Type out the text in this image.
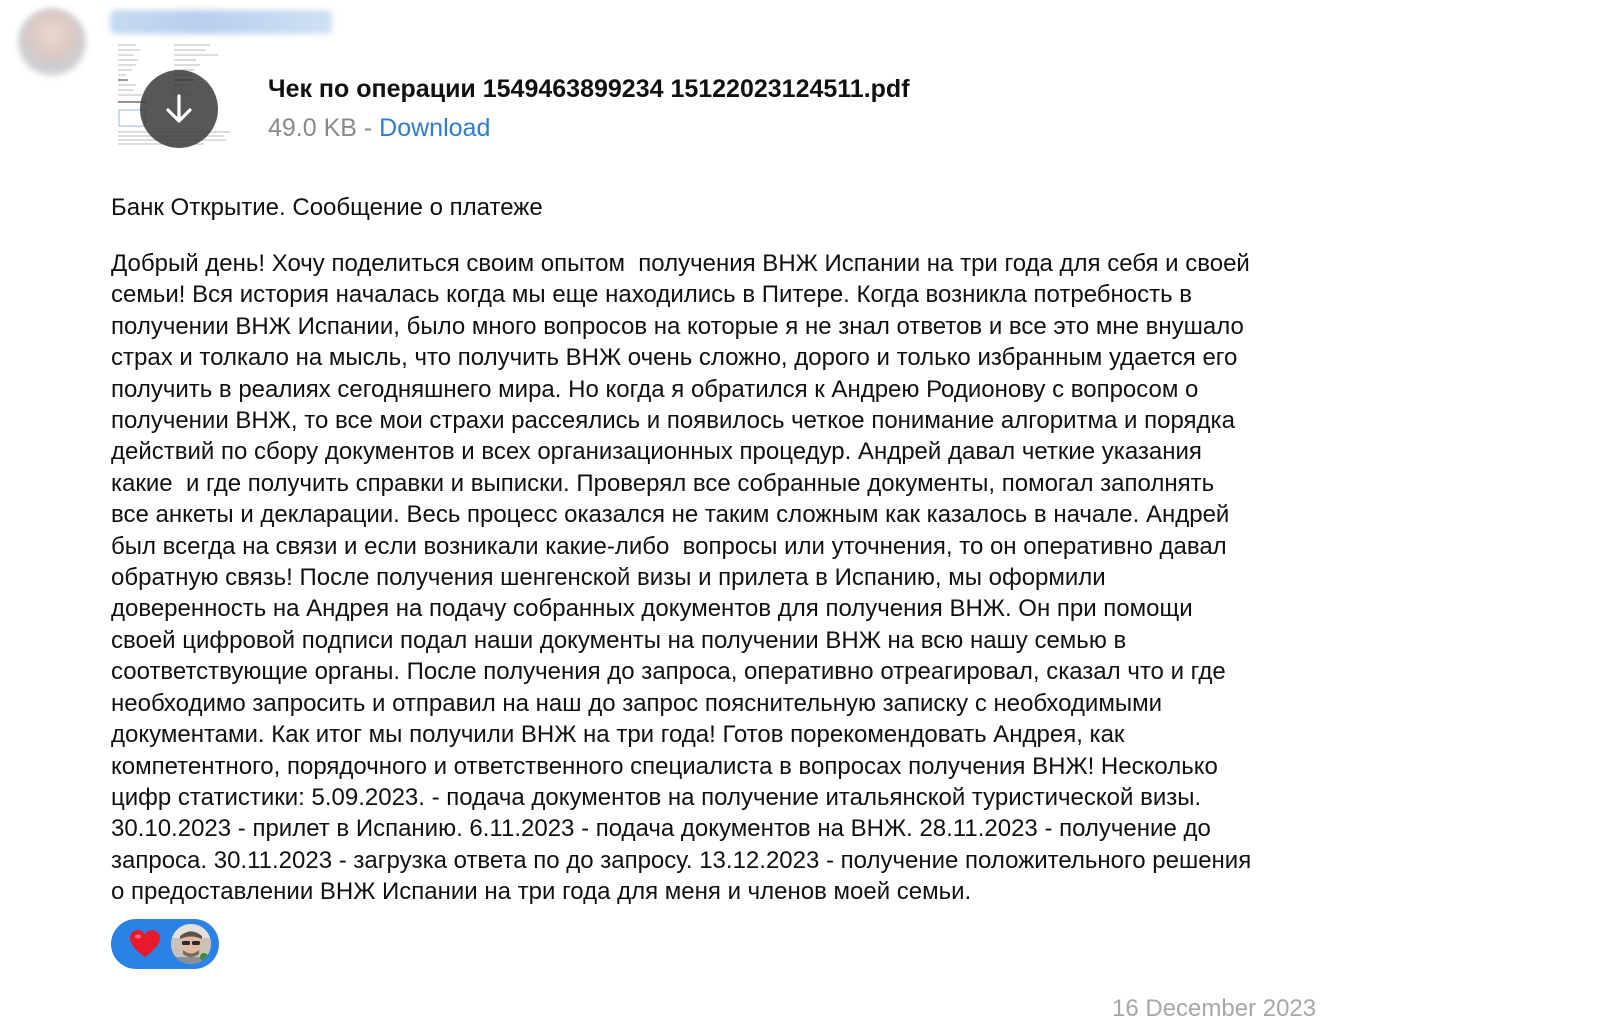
Чек по операции 1549463899234 15122023124511.pdf
49.0 KB - Download
Банк Открытие. Сообщение о платеже
Добрый день! Хочу поделиться своим опытом  получения ВНЖ Испании на три года для себя и своей
семьи! Вся история началась когда мы еще находились в Питере. Когда возникла потребность в
получении ВНЖ Испании, было много вопросов на которые я не знал ответов и все это мне внушало
страх и толкало на мысль, что получить ВНЖ очень сложно, дорого и только избранным удается его
получить в реалиях сегодняшнего мира. Но когда я обратился к Андрею Родионову с вопросом о
получении ВНЖ, то все мои страхи рассеялись и появилось четкое понимание алгоритма и порядка
действий по сбору документов и всех организационных процедур. Андрей давал четкие указания
какие  и где получить справки и выписки. Проверял все собранные документы, помогал заполнять
все анкеты и декларации. Весь процесс оказался не таким сложным как казалось в начале. Андрей
был всегда на связи и если возникали какие-либо  вопросы или уточнения, то он оперативно давал
обратную связь! После получения шенгенской визы и прилета в Испанию, мы оформили
доверенность на Андрея на подачу собранных документов для получения ВНЖ. Он при помощи
своей цифровой подписи подал наши документы на получении ВНЖ на всю нашу семью в
соответствующие органы. После получения до запроса, оперативно отреагировал, сказал что и где
необходимо запросить и отправил на наш до запрос пояснительную записку с необходимыми
документами. Как итог мы получили ВНЖ на три года! Готов порекомендовать Андрея, как
компетентного, порядочного и ответственного специалиста в вопросах получения ВНЖ! Несколько
цифр статистики: 5.09.2023. - подача документов на получение итальянской туристической визы.
30.10.2023 - прилет в Испанию. 6.11.2023 - подача документов на ВНЖ. 28.11.2023 - получение до
запроса. 30.11.2023 - загрузка ответа по до запросу. 13.12.2023 - получение положительного решения
о предоставлении ВНЖ Испании на три года для меня и членов моей семьи.
16 December 2023
